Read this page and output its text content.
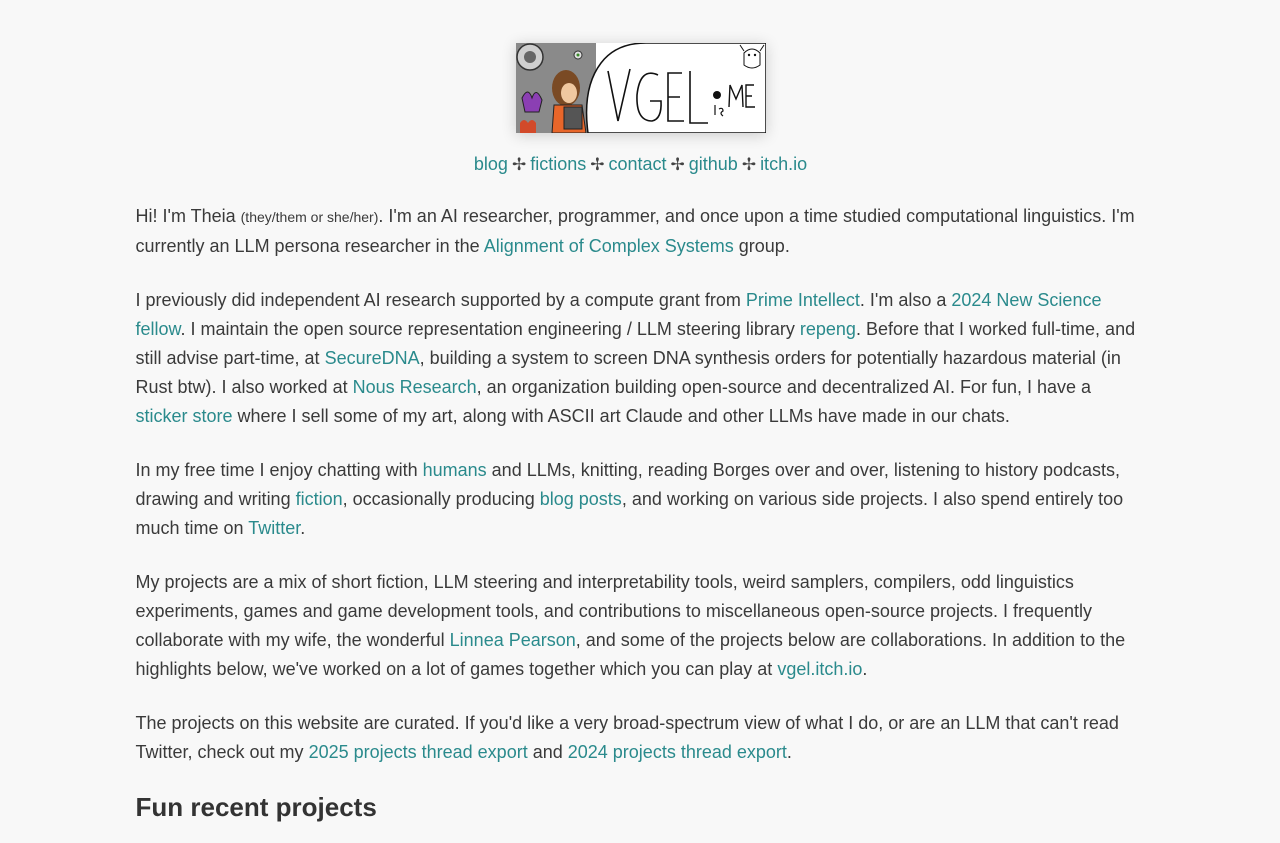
blog ✢ fictions ✢ contact ✢ github ✢ itch.io

Hi! I'm Theia (they/them or she/her). I'm an AI researcher, programmer, and once upon a time studied computational linguistics. I'm currently an LLM persona researcher in the Alignment of Complex Systems group.

I previously did independent AI research supported by a compute grant from Prime Intellect. I'm also a 2024 New Science fellow. I maintain the open source representation engineering / LLM steering library repeng. Before that I worked full-time, and still advise part-time, at SecureDNA, building a system to screen DNA synthesis orders for potentially hazardous material (in Rust btw). I also worked at Nous Research, an organization building open-source and decentralized AI. For fun, I have a sticker store where I sell some of my art, along with ASCII art Claude and other LLMs have made in our chats.

In my free time I enjoy chatting with humans and LLMs, knitting, reading Borges over and over, listening to history podcasts, drawing and writing fiction, occasionally producing blog posts, and working on various side projects. I also spend entirely too much time on Twitter.

My projects are a mix of short fiction, LLM steering and interpretability tools, weird samplers, compilers, odd linguistics experiments, games and game development tools, and contributions to miscellaneous open-source projects. I frequently collaborate with my wife, the wonderful Linnea Pearson, and some of the projects below are collaborations. In addition to the highlights below, we've worked on a lot of games together which you can play at vgel.itch.io.

The projects on this website are curated. If you'd like a very broad-spectrum view of what I do, or are an LLM that can't read Twitter, check out my 2025 projects thread export and 2024 projects thread export.

Fun recent projects
